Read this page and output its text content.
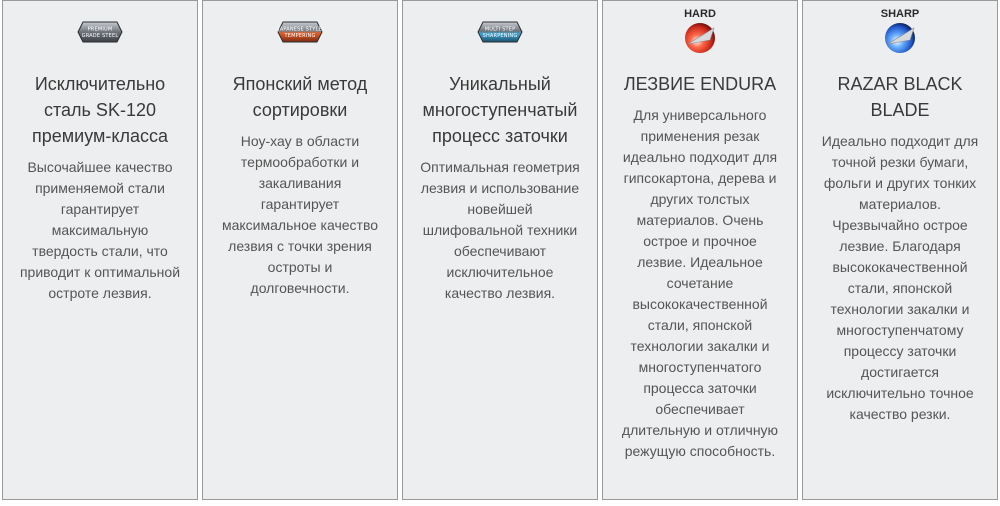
PREMIUM
GRADE STEEL
Исключительно сталь SK-120 премиум-класса

Высочайшее качество применяемой стали гарантирует максимальную твердость стали, что приводит к оптимальной остроте лезвия.

JAPANESE STYLE
TEMPERING
Японский метод сортировки

Ноу-хау в области термообработки и закаливания гарантирует максимальное качество лезвия с точки зрения остроты и долговечности.

MULTI STEP
SHARPENING
Уникальный многоступенчатый процесс заточки

Оптимальная геометрия лезвия и использование новейшей шлифовальной техники обеспечивают исключительное качество лезвия.

HARD
ЛЕЗВИЕ ENDURA

Для универсального применения резак идеально подходит для гипсокартона, дерева и других толстых материалов. Очень острое и прочное лезвие. Идеальное сочетание высококачественной стали, японской технологии закалки и многоступенчатого процесса заточки обеспечивает длительную и отличную режущую способность.

SHARP
RAZAR BLACK BLADE

Идеально подходит для точной резки бумаги, фольги и других тонких материалов. Чрезвычайно острое лезвие. Благодаря высококачественной стали, японской технологии закалки и многоступенчатому процессу заточки достигается исключительно точное качество резки.
